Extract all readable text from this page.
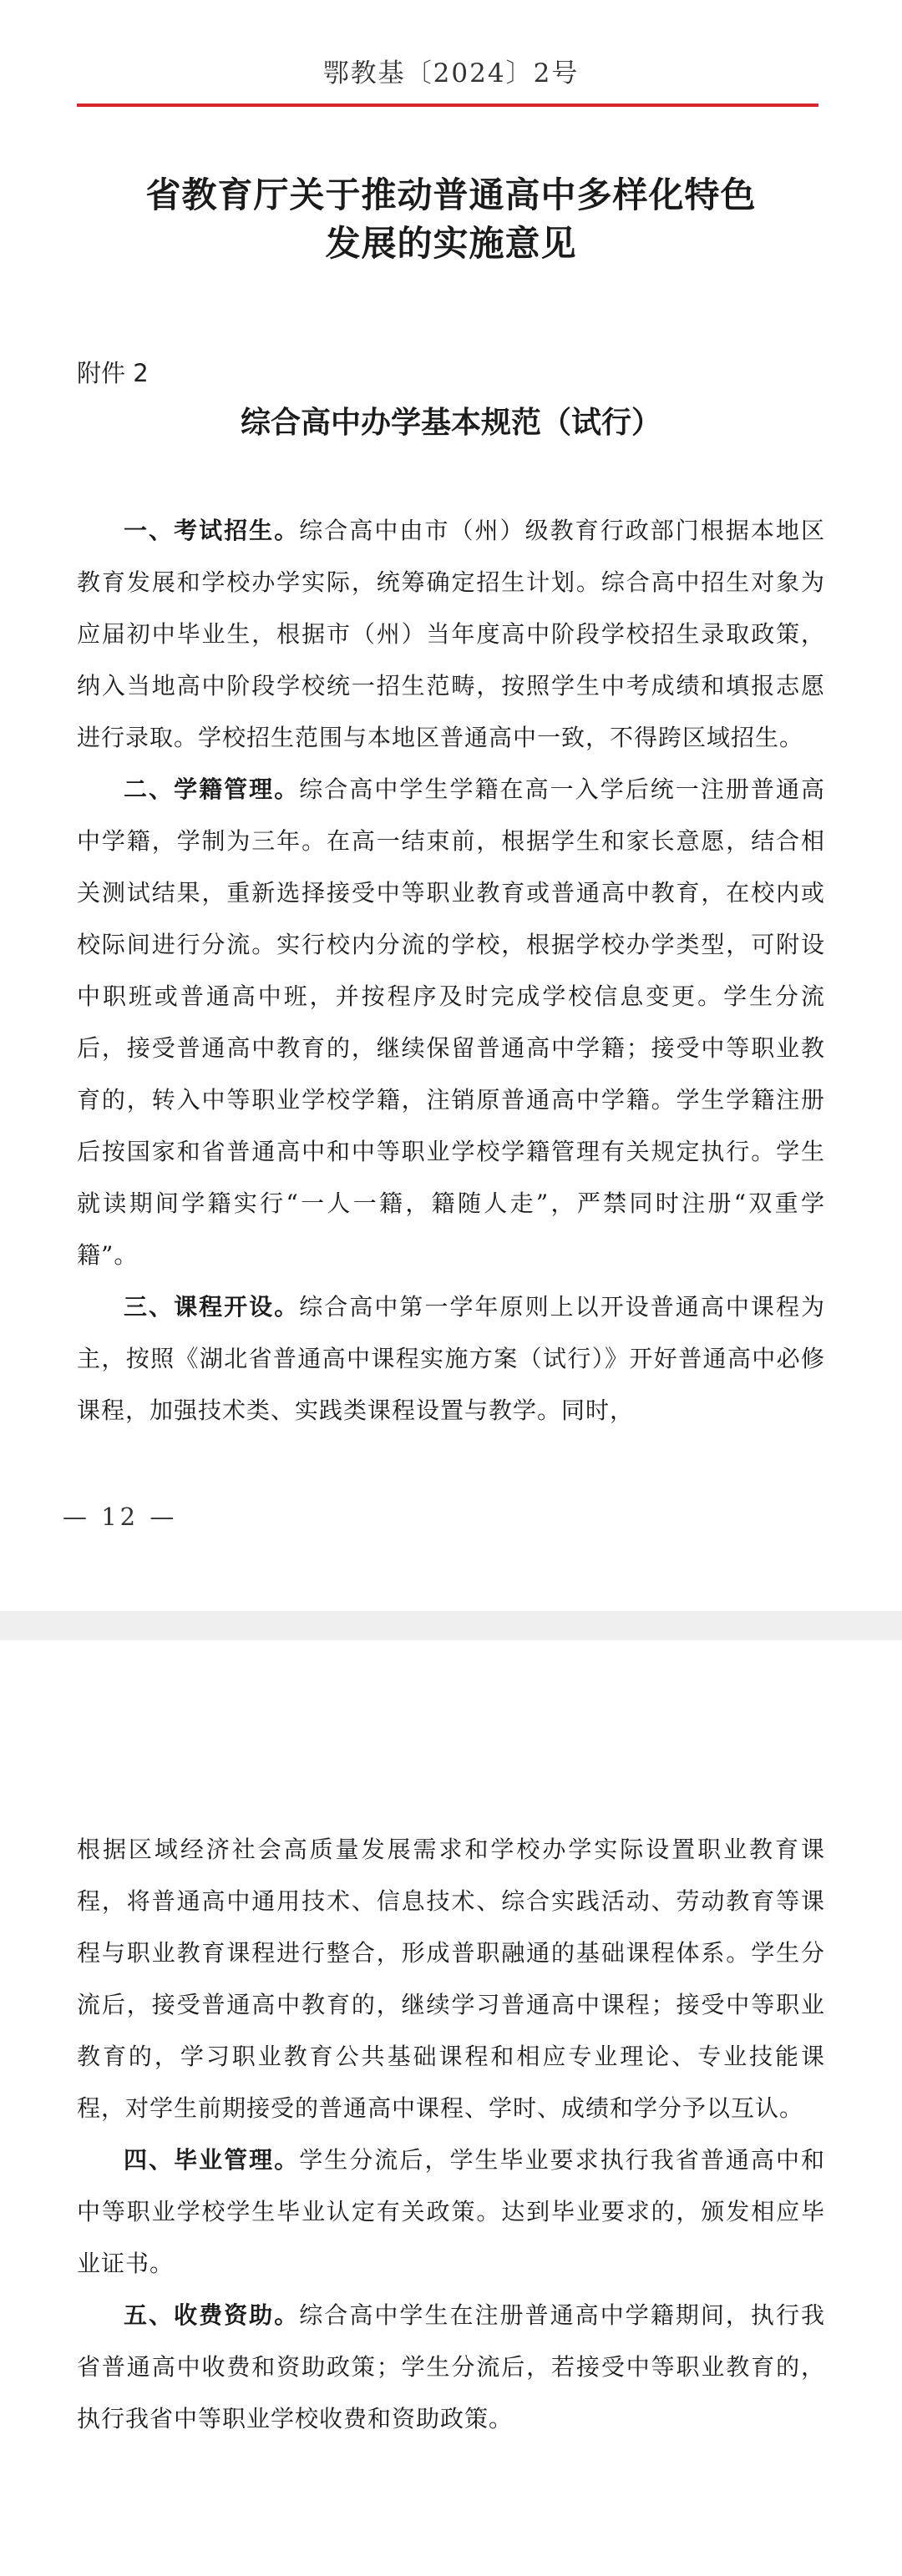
鄂教基〔2024〕2号
省教育厅关于推动普通高中多样化特色
发展的实施意见
附件 2
综合高中办学基本规范（试行）

一、考试招生。综合高中由市（州）级教育行政部门根据本地区教育发展和学校办学实际，统筹确定招生计划。综合高中招生对象为应届初中毕业生，根据市（州）当年度高中阶段学校招生录取政策，纳入当地高中阶段学校统一招生范畴，按照学生中考成绩和填报志愿进行录取。学校招生范围与本地区普通高中一致，不得跨区域招生。

二、学籍管理。综合高中学生学籍在高一入学后统一注册普通高中学籍，学制为三年。在高一结束前，根据学生和家长意愿，结合相关测试结果，重新选择接受中等职业教育或普通高中教育，在校内或校际间进行分流。实行校内分流的学校，根据学校办学类型，可附设中职班或普通高中班，并按程序及时完成学校信息变更。学生分流后，接受普通高中教育的，继续保留普通高中学籍；接受中等职业教育的，转入中等职业学校学籍，注销原普通高中学籍。学生学籍注册后按国家和省普通高中和中等职业学校学籍管理有关规定执行。学生就读期间学籍实行“一人一籍，籍随人走”，严禁同时注册“双重学籍”。

三、课程开设。综合高中第一学年原则上以开设普通高中课程为主，按照《湖北省普通高中课程实施方案（试行）》开好普通高中必修课程，加强技术类、实践类课程设置与教学。同时，

— 12 —

根据区域经济社会高质量发展需求和学校办学实际设置职业教育课程，将普通高中通用技术、信息技术、综合实践活动、劳动教育等课程与职业教育课程进行整合，形成普职融通的基础课程体系。学生分流后，接受普通高中教育的，继续学习普通高中课程；接受中等职业教育的，学习职业教育公共基础课程和相应专业理论、专业技能课程，对学生前期接受的普通高中课程、学时、成绩和学分予以互认。

四、毕业管理。学生分流后，学生毕业要求执行我省普通高中和中等职业学校学生毕业认定有关政策。达到毕业要求的，颁发相应毕业证书。

五、收费资助。综合高中学生在注册普通高中学籍期间，执行我省普通高中收费和资助政策；学生分流后，若接受中等职业教育的，执行我省中等职业学校收费和资助政策。
